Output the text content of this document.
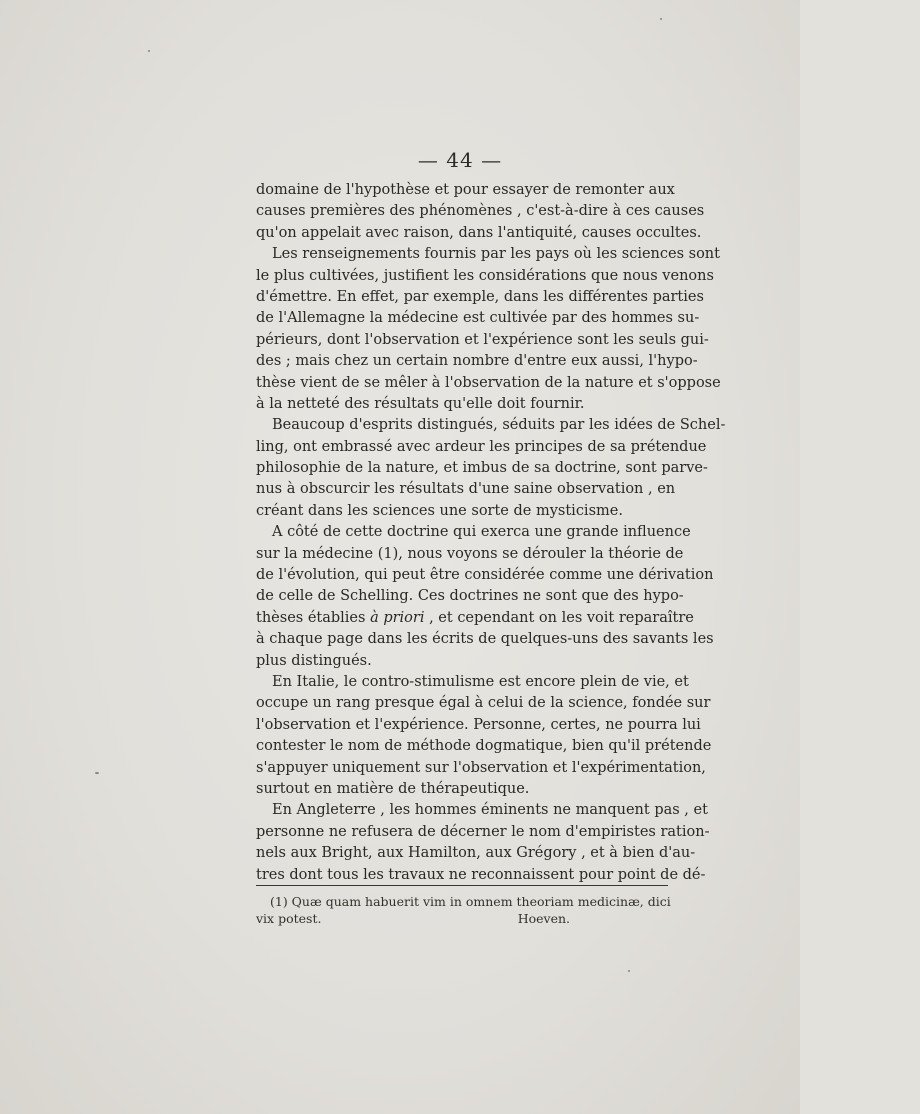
— 44 —
domaine de l'hypothèse et pour essayer de remonter aux
causes premières des phénomènes , c'est-à-dire à ces causes
qu'on appelait avec raison, dans l'antiquité, causes occultes.
Les renseignements fournis par les pays où les sciences sont
le plus cultivées, justifient les considérations que nous venons
d'émettre. En effet, par exemple, dans les différentes parties
de l'Allemagne la médecine est cultivée par des hommes su-
périeurs, dont l'observation et l'expérience sont les seuls gui-
des ; mais chez un certain nombre d'entre eux aussi, l'hypo-
thèse vient de se mêler à l'observation de la nature et s'oppose
à la netteté des résultats qu'elle doit fournir.
Beaucoup d'esprits distingués, séduits par les idées de Schel-
ling, ont embrassé avec ardeur les principes de sa prétendue
philosophie de la nature, et imbus de sa doctrine, sont parve-
nus à obscurcir les résultats d'une saine observation , en
créant dans les sciences une sorte de mysticisme.
A côté de cette doctrine qui exerca une grande influence
sur la médecine (1), nous voyons se dérouler la théorie de
de l'évolution, qui peut être considérée comme une dérivation
de celle de Schelling. Ces doctrines ne sont que des hypo-
thèses établies à priori , et cependant on les voit reparaître
à chaque page dans les écrits de quelques-uns des savants les
plus distingués.
En Italie, le contro-stimulisme est encore plein de vie, et
occupe un rang presque égal à celui de la science, fondée sur
l'observation et l'expérience. Personne, certes, ne pourra lui
contester le nom de méthode dogmatique, bien qu'il prétende
s'appuyer uniquement sur l'observation et l'expérimentation,
surtout en matière de thérapeutique.
En Angleterre , les hommes éminents ne manquent pas , et
personne ne refusera de décerner le nom d'empiristes ration-
nels aux Bright, aux Hamilton, aux Grégory , et à bien d'au-
tres dont tous les travaux ne reconnaissent pour point de dé-
(1) Quæ quam habuerit vim in omnem theoriam medicinæ, dici
vix potest.	Hoeven.
